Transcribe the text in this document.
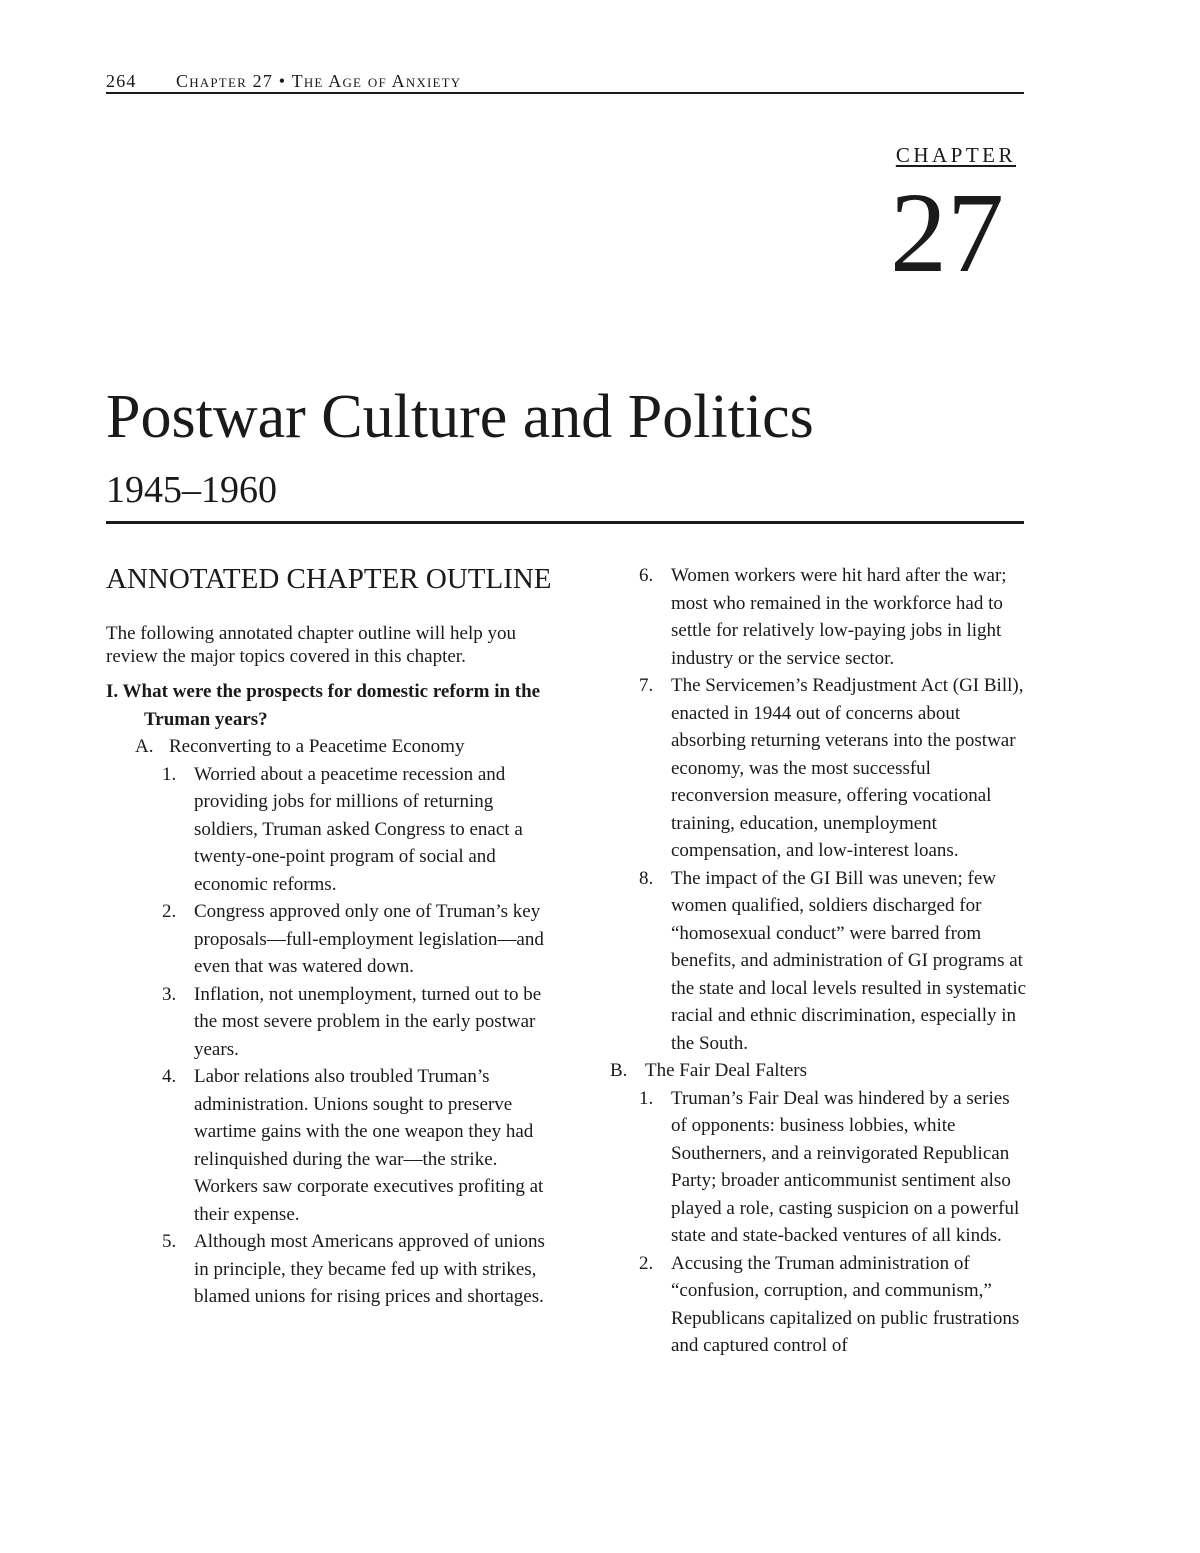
264 Chapter 27 • The Age of Anxiety
CHAPTER
27
Postwar Culture and Politics
1945–1960
ANNOTATED CHAPTER OUTLINE

The following annotated chapter outline will help you review the major topics covered in this chapter.

I. What were the prospects for domestic reform in the Truman years?

A. Reconverting to a Peacetime Economy

1. Worried about a peacetime recession and providing jobs for millions of returning soldiers, Truman asked Congress to enact a twenty-one-point program of social and economic reforms.
2. Congress approved only one of Truman’s key proposals—full-employment legislation—and even that was watered down.
3. Inflation, not unemployment, turned out to be the most severe problem in the early postwar years.
4. Labor relations also troubled Truman’s administration. Unions sought to preserve wartime gains with the one weapon they had relinquished during the war—the strike. Workers saw corporate executives profiting at their expense.
5. Although most Americans approved of unions in principle, they became fed up with strikes, blamed unions for rising prices and shortages.
6. Women workers were hit hard after the war; most who remained in the workforce had to settle for relatively low-paying jobs in light industry or the service sector.
7. The Servicemen’s Readjustment Act (GI Bill), enacted in 1944 out of concerns about absorbing returning veterans into the postwar economy, was the most successful reconversion measure, offering vocational training, education, unemployment compensation, and low-interest loans.
8. The impact of the GI Bill was uneven; few women qualified, soldiers discharged for “homosexual conduct” were barred from benefits, and administration of GI programs at the state and local levels resulted in systematic racial and ethnic discrimination, especially in the South.

B. The Fair Deal Falters

1. Truman’s Fair Deal was hindered by a series of opponents: business lobbies, white Southerners, and a reinvigorated Republican Party; broader anticommunist sentiment also played a role, casting suspicion on a powerful state and state-backed ventures of all kinds.
2. Accusing the Truman administration of “confusion, corruption, and communism,” Republicans capitalized on public frustrations and captured control of
